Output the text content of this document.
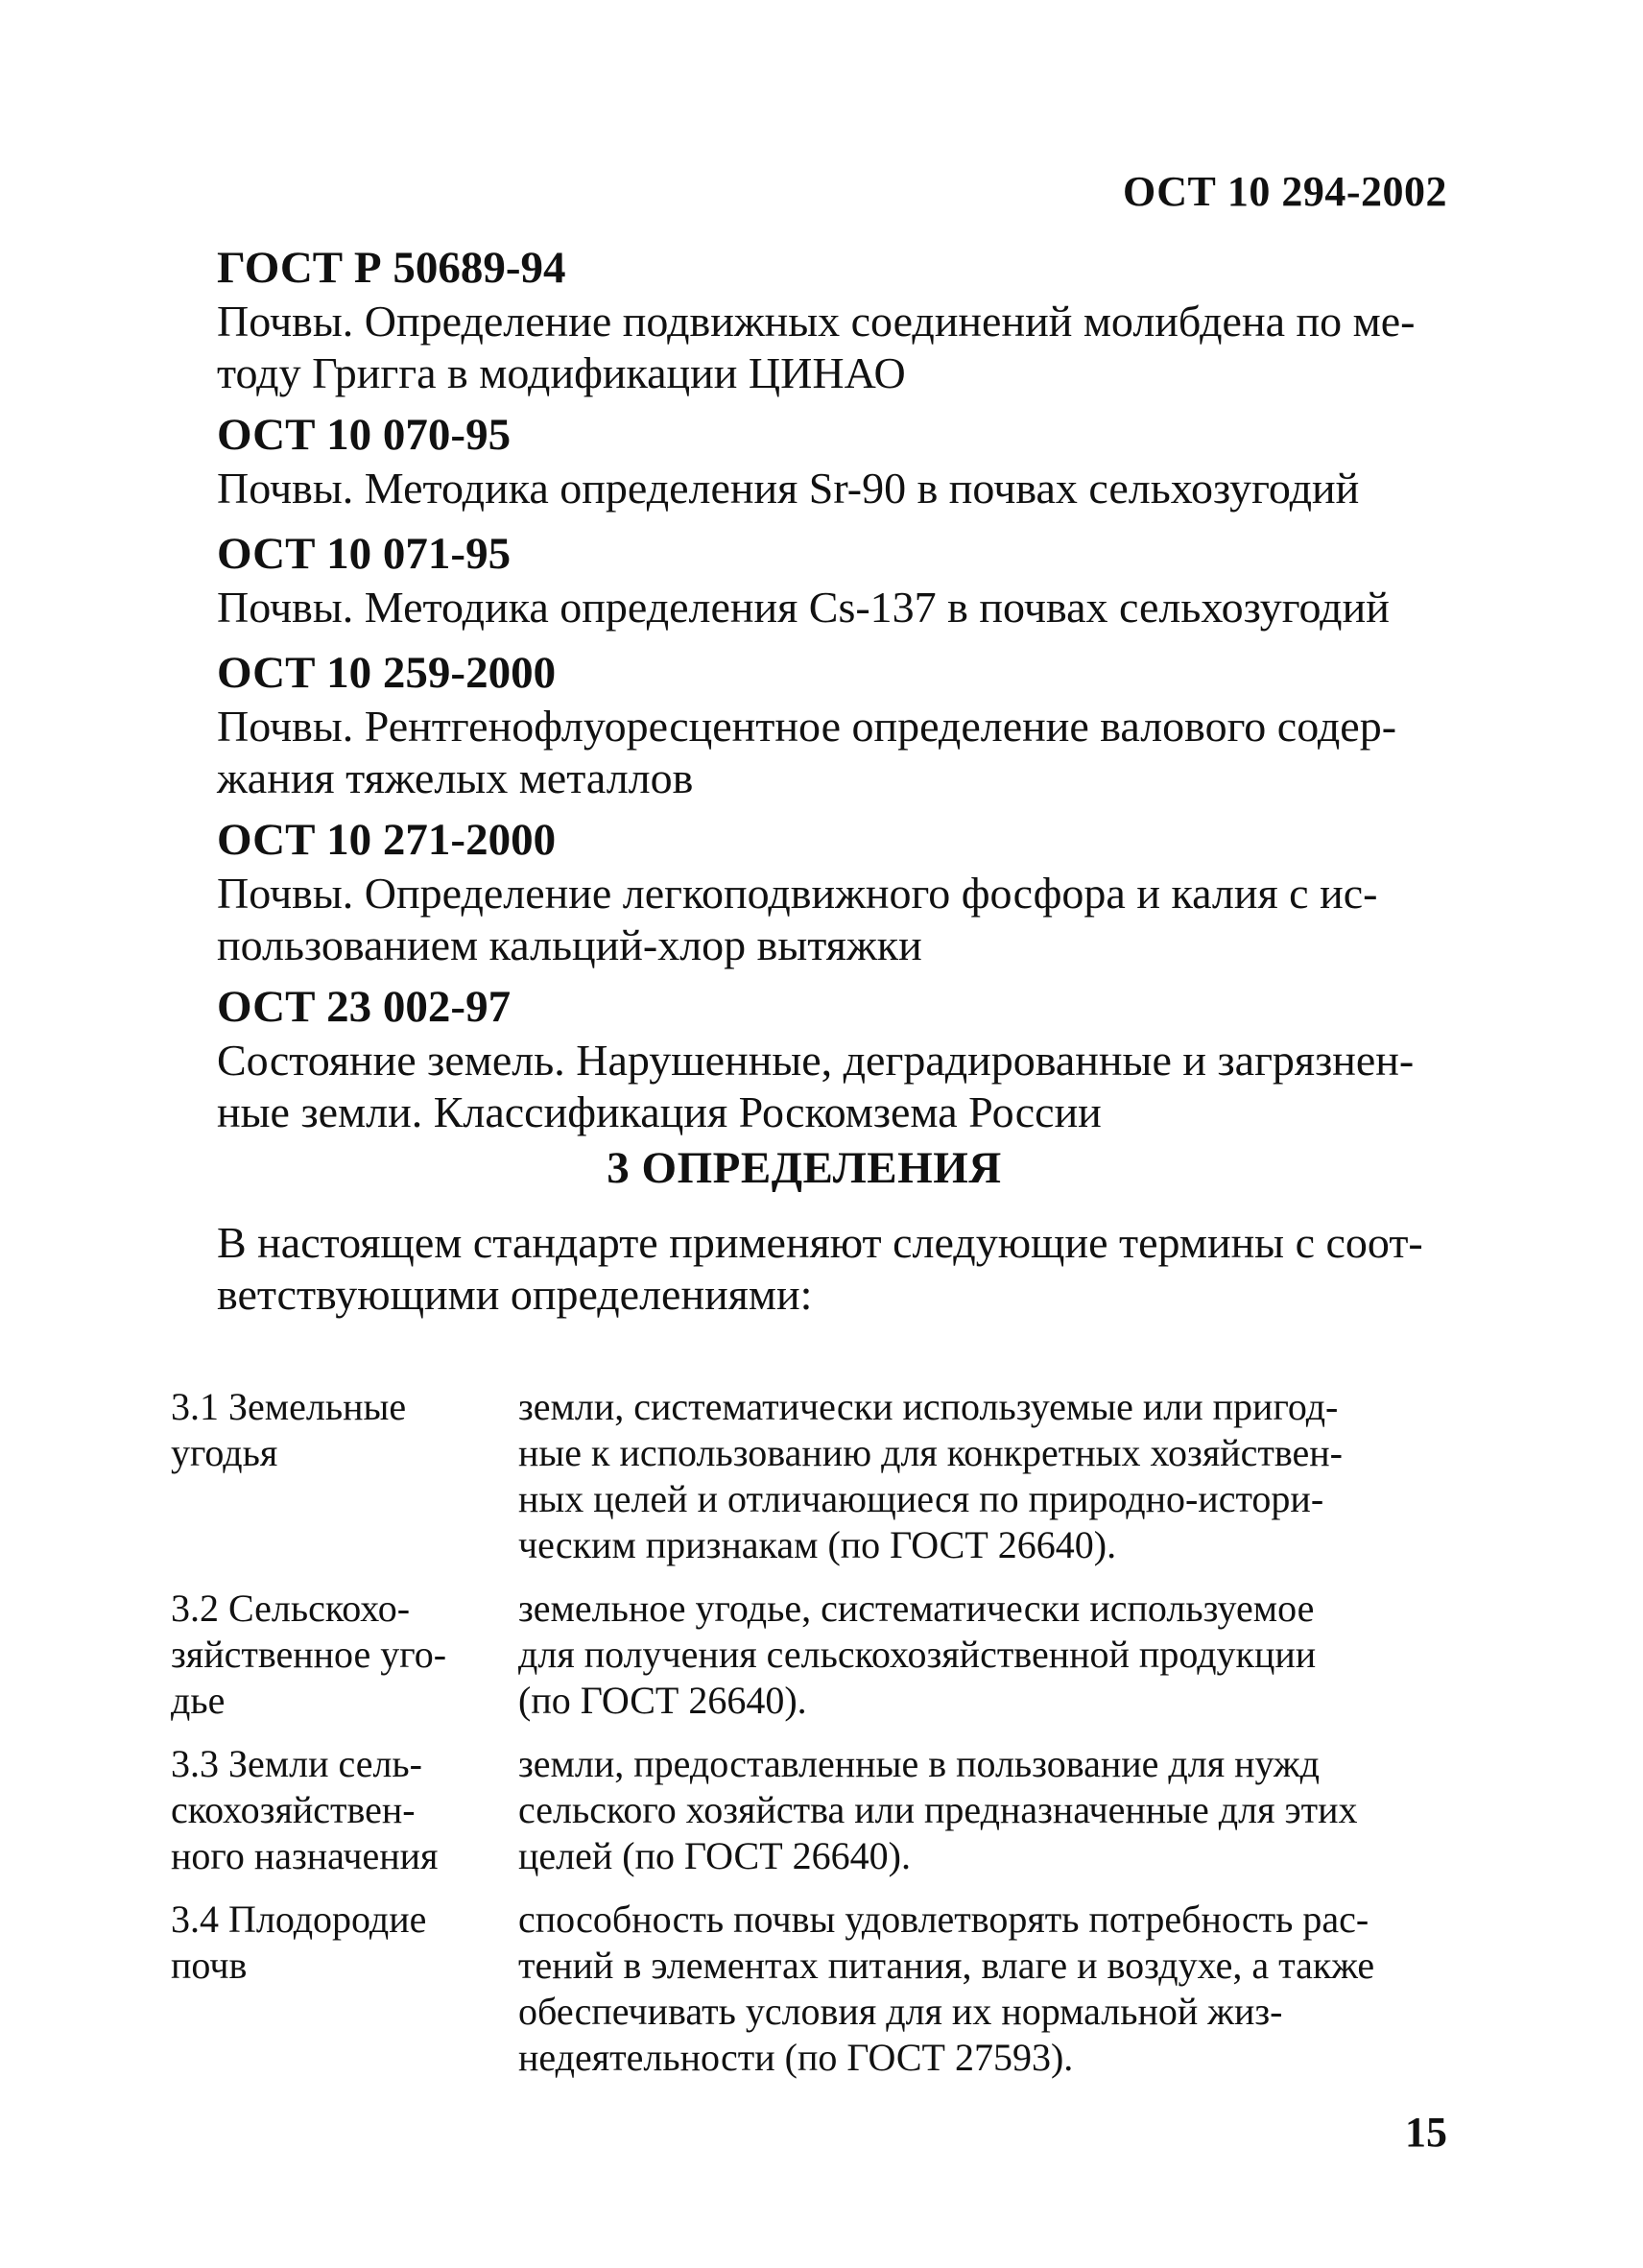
ОСТ 10 294-2002
ГОСТ Р 50689-94
Почвы. Определение подвижных соединений молибдена по ме-
тоду Григга в модификации ЦИНАО
ОСТ 10 070-95
Почвы. Методика определения Sr-90 в почвах сельхозугодий
ОСТ 10 071-95
Почвы. Методика определения Cs-137 в почвах сельхозугодий
ОСТ 10 259-2000
Почвы. Рентгенофлуоресцентное определение валового содер-
жания тяжелых металлов
ОСТ 10 271-2000
Почвы. Определение легкоподвижного фосфора и калия с ис-
пользованием кальций-хлор вытяжки
ОСТ 23 002-97
Состояние земель. Нарушенные, деградированные и загрязнен-
ные земли. Классификация Роскомзема России
3 ОПРЕДЕЛЕНИЯ
В настоящем стандарте применяют следующие термины с соот-
ветствующими определениями:
3.1 Земельные
угодья
земли, систематически используемые или пригод-
ные к использованию для конкретных хозяйствен-
ных целей и отличающиеся по природно-истори-
ческим признакам (по ГОСТ 26640).
3.2 Сельскохо-
зяйственное уго-
дье
земельное угодье, систематически используемое
для получения сельскохозяйственной продукции
(по ГОСТ 26640).
3.3 Земли сель-
скохозяйствен-
ного назначения
земли, предоставленные в пользование для нужд
сельского хозяйства или предназначенные для этих
целей (по ГОСТ 26640).
3.4 Плодородие
почв
способность почвы удовлетворять потребность рас-
тений в элементах питания, влаге и воздухе, а также
обеспечивать условия для их нормальной жиз-
недеятельности (по ГОСТ 27593).
15
